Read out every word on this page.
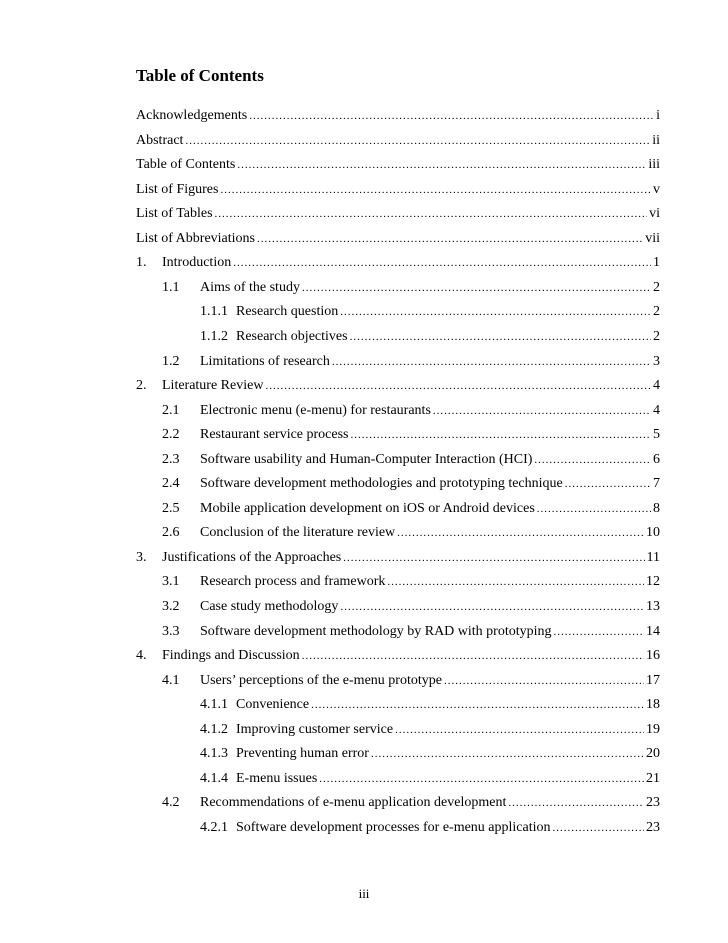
Table of Contents
Acknowledgements .....	i
Abstract .....	ii
Table of Contents .....	iii
List of Figures .....	v
List of Tables .....	vi
List of Abbreviations .....	vii
1.	Introduction .....	1
1.1	Aims of the study .....	2
1.1.1 Research question .....	2
1.1.2 Research objectives .....	2
1.2	Limitations of research .....	3
2.	Literature Review .....	4
2.1	Electronic menu (e-menu) for restaurants .....	4
2.2	Restaurant service process .....	5
2.3	Software usability and Human-Computer Interaction (HCI) .....	6
2.4	Software development methodologies and prototyping technique .....	7
2.5	Mobile application development on iOS or Android devices .....	8
2.6	Conclusion of the literature review .....	10
3.	Justifications of the Approaches .....	11
3.1	Research process and framework .....	12
3.2	Case study methodology .....	13
3.3	Software development methodology by RAD with prototyping .....	14
4.	Findings and Discussion .....	16
4.1	Users’ perceptions of the e-menu prototype .....	17
4.1.1 Convenience .....	18
4.1.2 Improving customer service .....	19
4.1.3 Preventing human error .....	20
4.1.4 E-menu issues .....	21
4.2	Recommendations of e-menu application development .....	23
4.2.1 Software development processes for e-menu application .....	23
iii
